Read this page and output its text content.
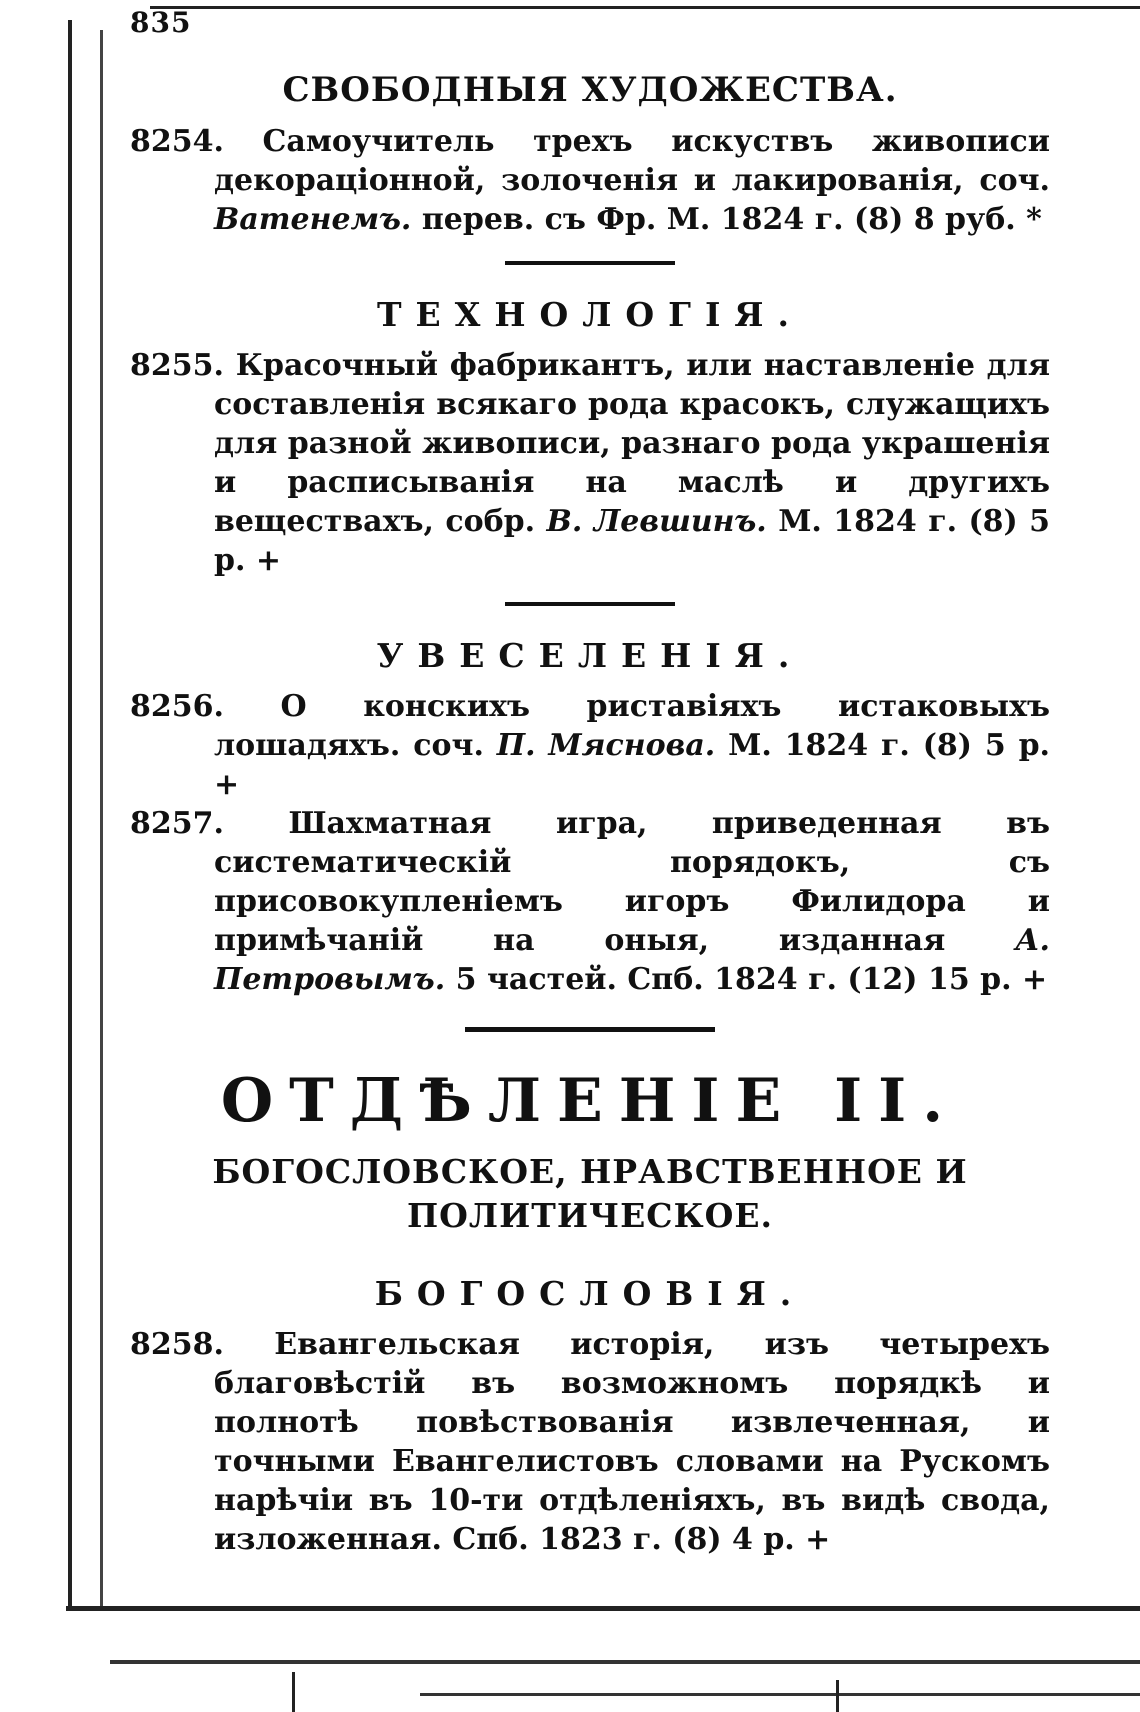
835
СВОБОДНЫЯ ХУДОЖЕСТВА.

8254. Самоучитель трехъ искуствъ живописи декорацiонной, золоченiя и лакированiя, соч. Ватенемъ. перев. съ Фр. М. 1824 г. (8) 8 руб. *

ТЕХНОЛОГIЯ.

8255. Красочный фабрикантъ, или наставленiе для составленiя всякаго рода красокъ, служащихъ для разной живописи, разнаго рода украшенiя и расписыванiя на маслѣ и другихъ веществахъ, собр. В. Левшинъ. М. 1824 г. (8) 5 р. +

УВЕСЕЛЕНIЯ.

8256. О конскихъ риставiяхъ истаковыхъ лошадяхъ. соч. П. Мяснова. М. 1824 г. (8) 5 р. +

8257. Шахматная игра, приведенная въ систематическiй порядокъ, съ присовокупленiемъ игоръ Филидора и примѣчанiй на оныя, изданная А. Петровымъ. 5 частей. Спб. 1824 г. (12) 15 р. +

ОТДѢЛЕНIЕ II.
БОГОСЛОВСКОЕ, НРАВСТВЕННОЕ И ПОЛИТИЧЕСКОЕ.
БОГОСЛОВIЯ.

8258. Евангельская исторiя, изъ четырехъ благовѣстiй въ возможномъ порядкѣ и полнотѣ повѣствованiя извлеченная, и точными Евангелистовъ словами на Рускомъ нарѣчiи въ 10-ти отдѣленiяхъ, въ видѣ свода, изложенная. Спб. 1823 г. (8) 4 р. +
